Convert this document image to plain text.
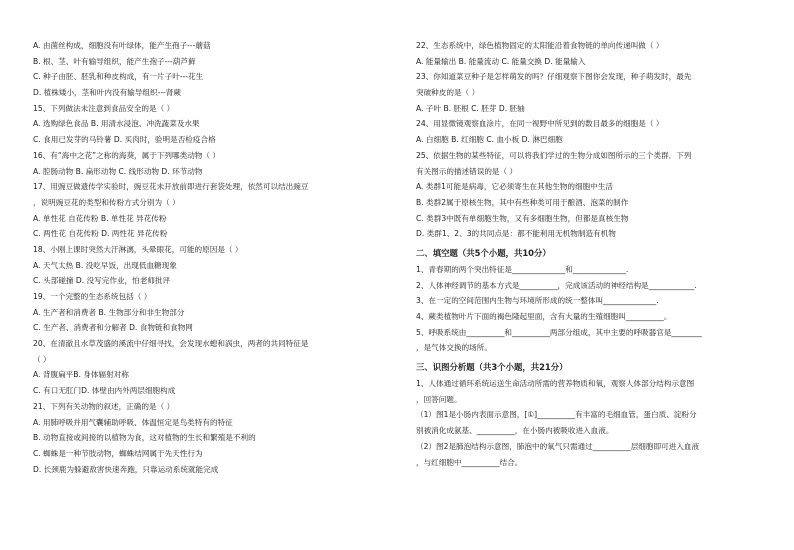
A. 由菌丝构成，细胞没有叶绿体，能产生孢子---蘑菇
B. 根、茎、叶有输导组织，能产生孢子---葫芦藓
C. 种子由胚、胚乳和种皮构成，有一片子叶---花生
D. 植株矮小，茎和叶内没有输导组织---肾蕨
15、下列做法未注意到食品安全的是（ ）
A. 选购绿色食品 B. 用清水浸泡、冲洗蔬菜及水果
C. 食用已发芽的马铃薯 D. 买肉时，验明是否检疫合格
16、有“海中之花”之称的海葵，属于下列哪类动物（ ）
A. 腔肠动物 B. 扁形动物 C. 线形动物 D. 环节动物
17、用豌豆做遗传学实验时，豌豆花未开放前即进行套袋处理，依然可以结出豌豆
，说明豌豆花的类型和传粉方式分别为（ ）
A. 单性花 自花传粉 B. 单性花 异花传粉
C. 两性花 自花传粉 D. 两性花 异花传粉
18、小刚上课时突然大汗淋漓，头晕眼花，可能的原因是（ ）
A. 天气太热 B. 没吃早饭，出现低血糖现象
C. 头部碰撞 D. 没写完作业，怕老师批评
19、一个完整的生态系统包括（ ）
A. 生产者和消费者 B. 生物部分和非生物部分
C. 生产者、消费者和分解者 D. 食物链和食物网
20、在清澈且水草茂盛的溪流中仔细寻找，会发现水螅和涡虫，两者的共同特征是
（ ）
A. 背腹扁平B. 身体辐射对称
C. 有口无肛门D. 体壁由内外两层细胞构成
21、下列有关动物的叙述，正确的是（ ）
A. 用肺呼吸并用气囊辅助呼吸、体温恒定是鸟类特有的特征
B. 动物直接或间接的以植物为食，这对植物的生长和繁殖是不利的
C. 蜘蛛是一种节肢动物，蜘蛛结网属于先天性行为
D. 长颈鹿为躲避敌害快速奔跑，只靠运动系统就能完成
22、生态系统中，绿色植物固定的太阳能沿着食物链的单向传递叫做（ ）
A. 能量输出 B. 能量流动 C. 能量交换 D. 能量输入
23、你知道菜豆种子是怎样萌发的吗？仔细观察下图你会发现，种子萌发时，最先
突破种皮的是（ ）
A. 子叶 B. 胚根 C. 胚芽 D. 胚轴
24、用显微镜观察血涂片，在同一视野中所见到的数目最多的细胞是（ ）
A. 白细胞 B. 红细胞 C. 血小板 D. 淋巴细胞
25、依据生物的某些特征，可以将我们学过的生物分成如图所示的三个类群．下列
有关图示的描述错误的是（ ）
A. 类群1可能是病毒，它必须寄生在其他生物的细胞中生活
B. 类群2属于原核生物，其中有些种类可用于酿酒、泡菜的制作
C. 类群3中既有单细胞生物，又有多细胞生物，但都是真核生物
D. 类群1、2、3的共同点是：都不能利用无机物制造有机物
二、填空题（共5个小题，共10分）
1、青春期的两个突出特征是______________和______________.
2、人体神经调节的基本方式是__________，完成该活动的神经结构是____________.
3、在一定的空间范围内生物与环境所形成的统一整体叫______________.
4、蕨类植物叶片下面的褐色隆起里面，含有大量的生殖细胞叫__________。
5、呼吸系统由__________和__________两部分组成，其中主要的呼吸器官是________
，是气体交换的场所。
三、识图分析题（共3个小题，共21分）
1、人体通过循环系统运送生命活动所需的营养物质和氧，观察人体部分结构示意图
，回答问题。
（1）图1是小肠内表面示意图，[①]__________有丰富的毛细血管，蛋白质、淀粉分
别被消化成氨基、__________，在小肠内被吸收进入血液。
（2）图2是肺泡结构示意图，肺泡中的氧气只需通过__________层细胞即可进入血液
，与红细胞中__________结合。
